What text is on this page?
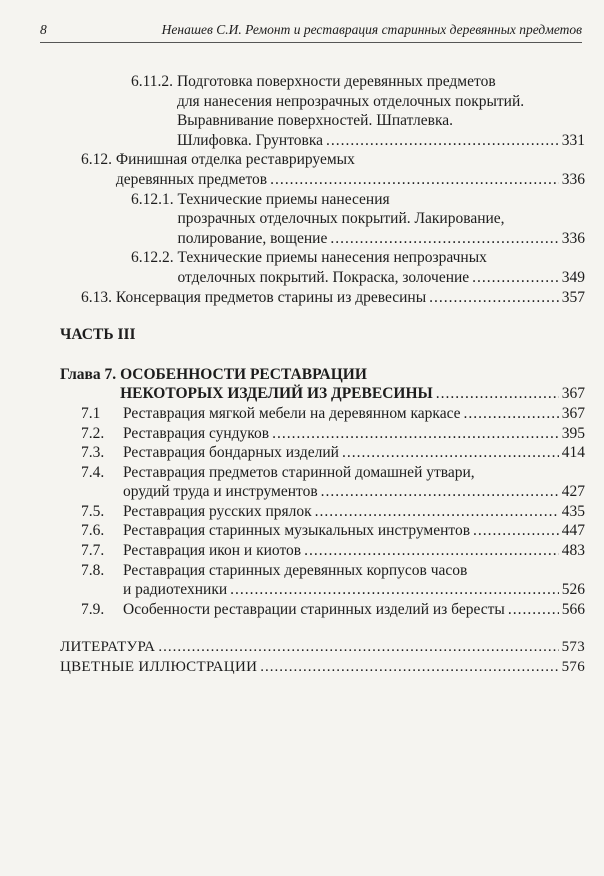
8	Ненашев С.И. Ремонт и реставрация старинных деревянных предметов
6.11.2. Подготовка поверхности деревянных предметов
для нанесения непрозрачных отделочных покрытий.
Выравнивание поверхностей. Шпатлевка.
Шлифовка. Грунтовка .....	331
6.12. Финишная отделка реставрируемых
деревянных предметов .....	336
6.12.1. Технические приемы нанесения
прозрачных отделочных покрытий. Лакирование,
полирование, вощение .....	336
6.12.2. Технические приемы нанесения непрозрачных
отделочных покрытий. Покраска, золочение .....	349
6.13. Консервация предметов старины из древесины .....	357
ЧАСТЬ III
Глава 7. ОСОБЕННОСТИ РЕСТАВРАЦИИ
НЕКОТОРЫХ ИЗДЕЛИЙ ИЗ ДРЕВЕСИНЫ .....	367
7.1	Реставрация мягкой мебели на деревянном каркасе .....	367
7.2.	Реставрация сундуков .....	395
7.3.	Реставрация бондарных изделий .....	414
7.4.	Реставрация предметов старинной домашней утвари,
орудий труда и инструментов .....	427
7.5.	Реставрация русских прялок .....	435
7.6.	Реставрация старинных музыкальных инструментов .....	447
7.7.	Реставрация икон и киотов .....	483
7.8.	Реставрация старинных деревянных корпусов часов
и радиотехники .....	526
7.9.	Особенности реставрации старинных изделий из бересты .....	566
ЛИТЕРАТУРА .....	573
ЦВЕТНЫЕ ИЛЛЮСТРАЦИИ .....	576
